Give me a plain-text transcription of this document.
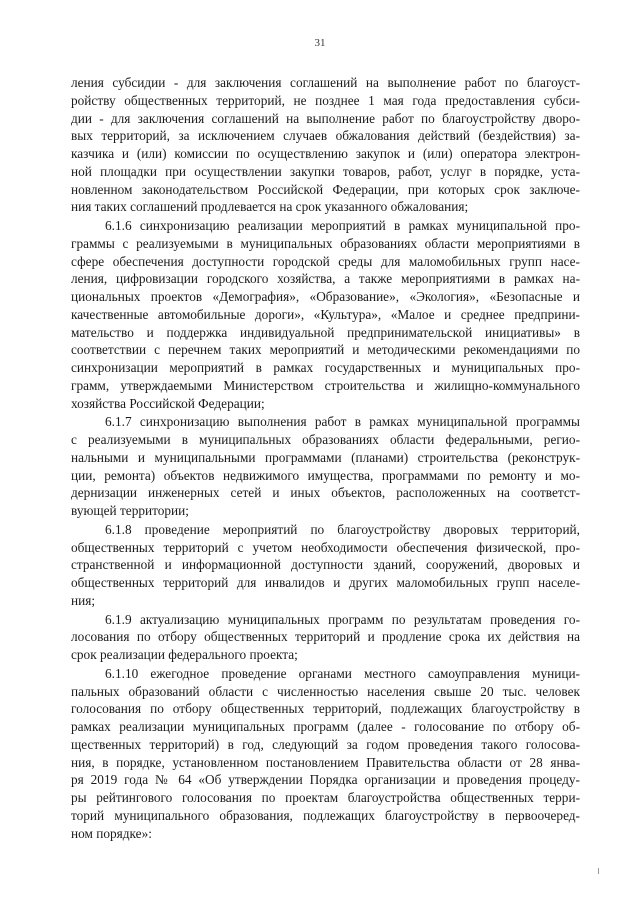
31
ления субсидии - для заключения соглашений на выполнение работ по благоуст-
ройству общественных территорий, не позднее 1 мая года предоставления субси-
дии - для заключения соглашений на выполнение работ по благоустройству дворо-
вых территорий, за исключением случаев обжалования действий (бездействия) за-
казчика и (или) комиссии по осуществлению закупок и (или) оператора электрон-
ной площадки при осуществлении закупки товаров, работ, услуг в порядке, уста-
новленном законодательством Российской Федерации, при которых срок заключе-
ния таких соглашений продлевается на срок указанного обжалования;
6.1.6 синхронизацию реализации мероприятий в рамках муниципальной про-
граммы с реализуемыми в муниципальных образованиях области мероприятиями в
сфере обеспечения доступности городской среды для маломобильных групп насе-
ления, цифровизации городского хозяйства, а также мероприятиями в рамках на-
циональных проектов «Демография», «Образование», «Экология», «Безопасные и
качественные автомобильные дороги», «Культура», «Малое и среднее предприни-
мательство и поддержка индивидуальной предпринимательской инициативы» в
соответствии с перечнем таких мероприятий и методическими рекомендациями по
синхронизации мероприятий в рамках государственных и муниципальных про-
грамм, утверждаемыми Министерством строительства и жилищно-коммунального
хозяйства Российской Федерации;
6.1.7 синхронизацию выполнения работ в рамках муниципальной программы
с реализуемыми в муниципальных образованиях области федеральными, регио-
нальными и муниципальными программами (планами) строительства (реконструк-
ции, ремонта) объектов недвижимого имущества, программами по ремонту и мо-
дернизации инженерных сетей и иных объектов, расположенных на соответст-
вующей территории;
6.1.8 проведение мероприятий по благоустройству дворовых территорий,
общественных территорий с учетом необходимости обеспечения физической, про-
странственной и информационной доступности зданий, сооружений, дворовых и
общественных территорий для инвалидов и других маломобильных групп населе-
ния;
6.1.9 актуализацию муниципальных программ по результатам проведения го-
лосования по отбору общественных территорий и продление срока их действия на
срок реализации федерального проекта;
6.1.10 ежегодное проведение органами местного самоуправления муници-
пальных образований области с численностью населения свыше 20 тыс. человек
голосования по отбору общественных территорий, подлежащих благоустройству в
рамках реализации муниципальных программ (далее - голосование по отбору об-
щественных территорий) в год, следующий за годом проведения такого голосова-
ния, в порядке, установленном постановлением Правительства области от 28 янва-
ря 2019 года № 64 «Об утверждении Порядка организации и проведения процеду-
ры рейтингового голосования по проектам благоустройства общественных терри-
торий муниципального образования, подлежащих благоустройству в первоочеред-
ном порядке»:
